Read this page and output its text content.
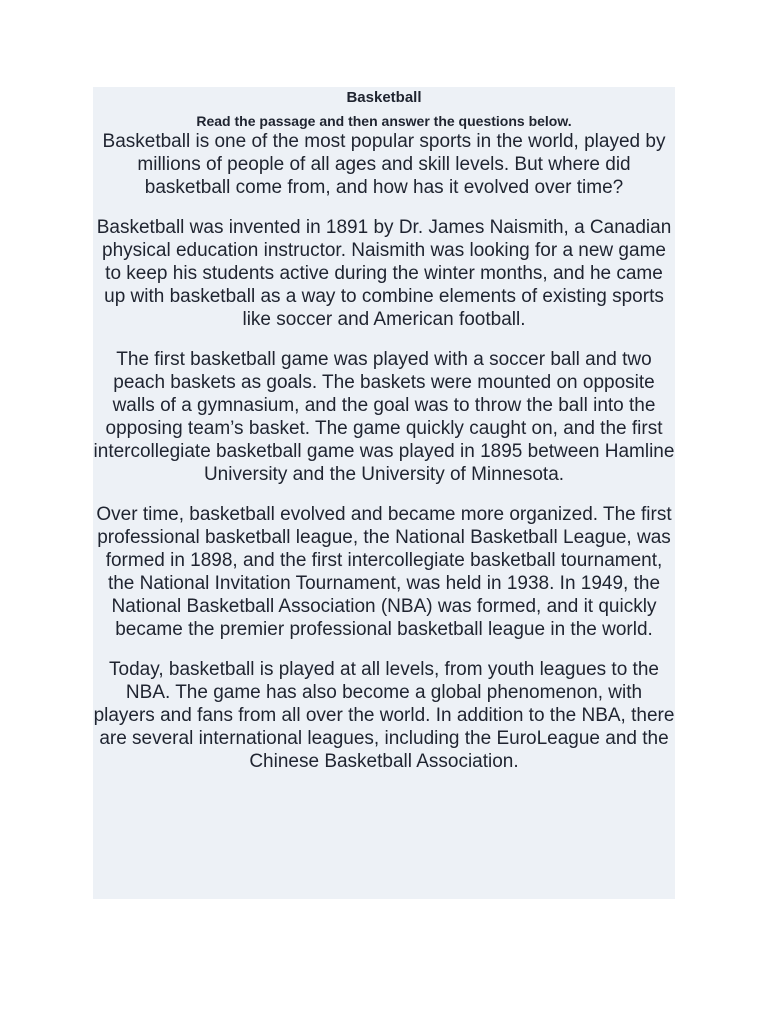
Basketball

Read the passage and then answer the questions below.

Basketball is one of the most popular sports in the world, played by millions of people of all ages and skill levels. But where did basketball come from, and how has it evolved over time?

Basketball was invented in 1891 by Dr. James Naismith, a Canadian physical education instructor. Naismith was looking for a new game to keep his students active during the winter months, and he came up with basketball as a way to combine elements of existing sports like soccer and American football.

The first basketball game was played with a soccer ball and two peach baskets as goals. The baskets were mounted on opposite walls of a gymnasium, and the goal was to throw the ball into the opposing team’s basket. The game quickly caught on, and the first intercollegiate basketball game was played in 1895 between Hamline University and the University of Minnesota.

Over time, basketball evolved and became more organized. The first professional basketball league, the National Basketball League, was formed in 1898, and the first intercollegiate basketball tournament, the National Invitation Tournament, was held in 1938. In 1949, the National Basketball Association (NBA) was formed, and it quickly became the premier professional basketball league in the world.

Today, basketball is played at all levels, from youth leagues to the NBA. The game has also become a global phenomenon, with players and fans from all over the world. In addition to the NBA, there are several international leagues, including the EuroLeague and the Chinese Basketball Association.
